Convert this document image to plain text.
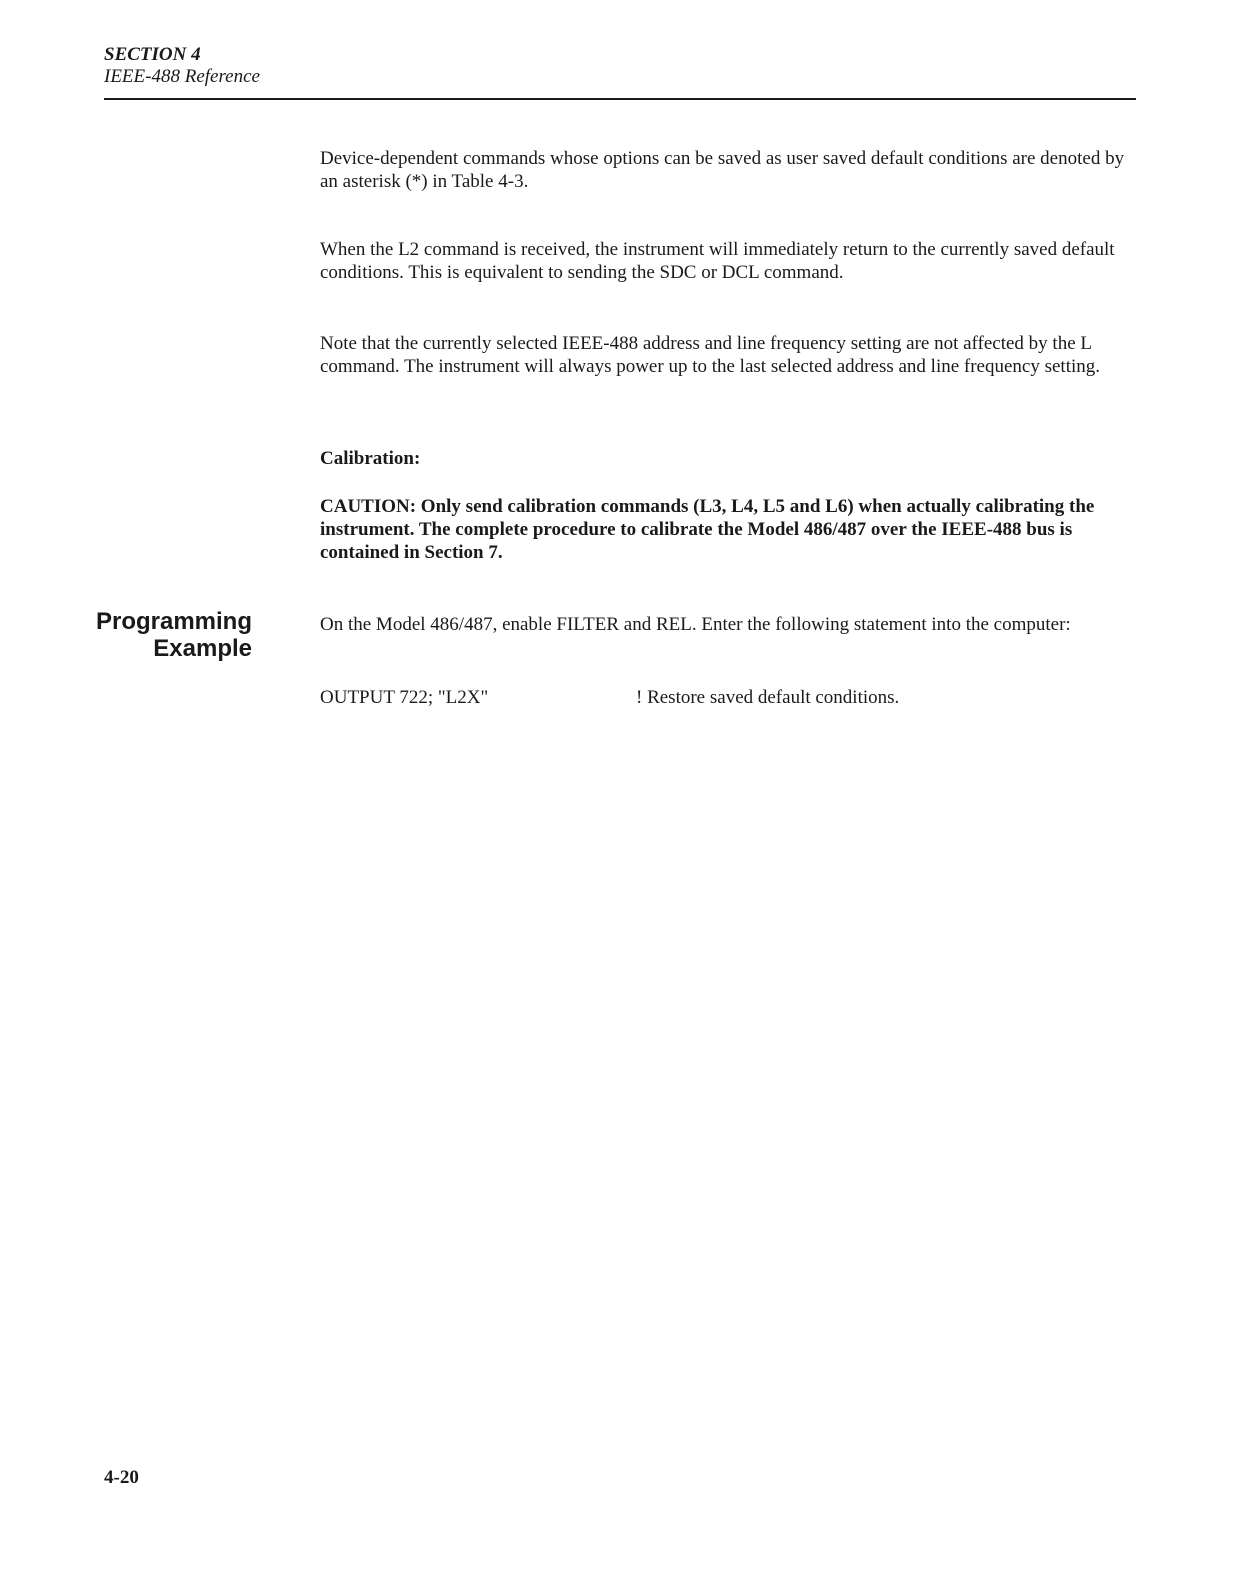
SECTION 4
IEEE-488 Reference

Device-dependent commands whose options can be saved as user saved default conditions are denoted by an asterisk (*) in Table 4-3.

When the L2 command is received, the instrument will immediately return to the currently saved default conditions. This is equivalent to sending the SDC or DCL command.

Note that the currently selected IEEE-488 address and line frequency setting are not affected by the L command. The instrument will always power up to the last selected address and line frequency setting.

Calibration:

CAUTION: Only send calibration commands (L3, L4, L5 and L6) when actually calibrating the instrument. The complete procedure to calibrate the Model 486/487 over the IEEE-488 bus is contained in Section 7.

Programming
Example

On the Model 486/487, enable FILTER and REL. Enter the following statement into the computer:

OUTPUT 722; "L2X"	! Restore saved default conditions.
4-20
